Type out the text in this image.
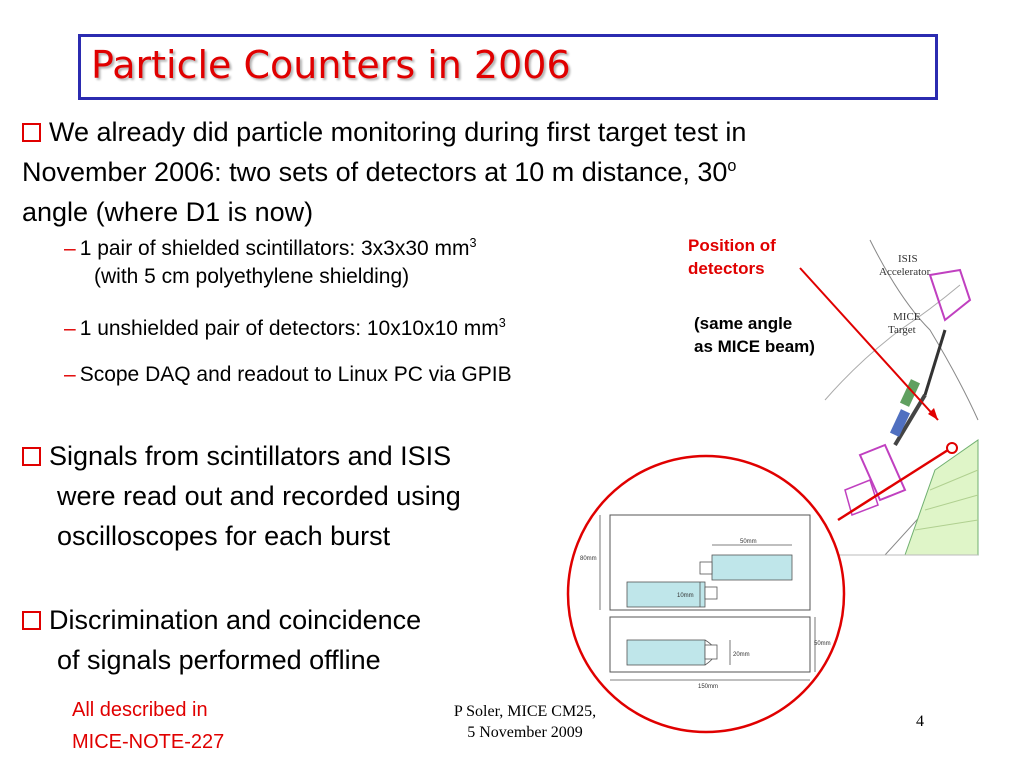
Particle Counters in 2006
We already did particle monitoring during first target test in
November 2006: two sets of detectors at 10 m distance, 30$^o$
angle (where D1 is now)
– 1 pair of shielded scintillators: 3x3x30 $mm^3$
(with 5 cm polyethylene shielding)
– 1 unshielded pair of detectors: 10x10x10 $mm^3$
– Scope DAQ and readout to Linux PC via GPIB
Signals from scintillators and ISIS
were read out and recorded using
oscilloscopes for each burst
Discrimination and coincidence
of signals performed offline
All described in
MICE-NOTE-227
P Soler, MICE CM25,
5 November 2009
4
Position of
detectors
(same angle
as MICE beam)
ISIS
Accelerator
MICE
Target
80mm
50mm
10mm
50mm
20mm
150mm
